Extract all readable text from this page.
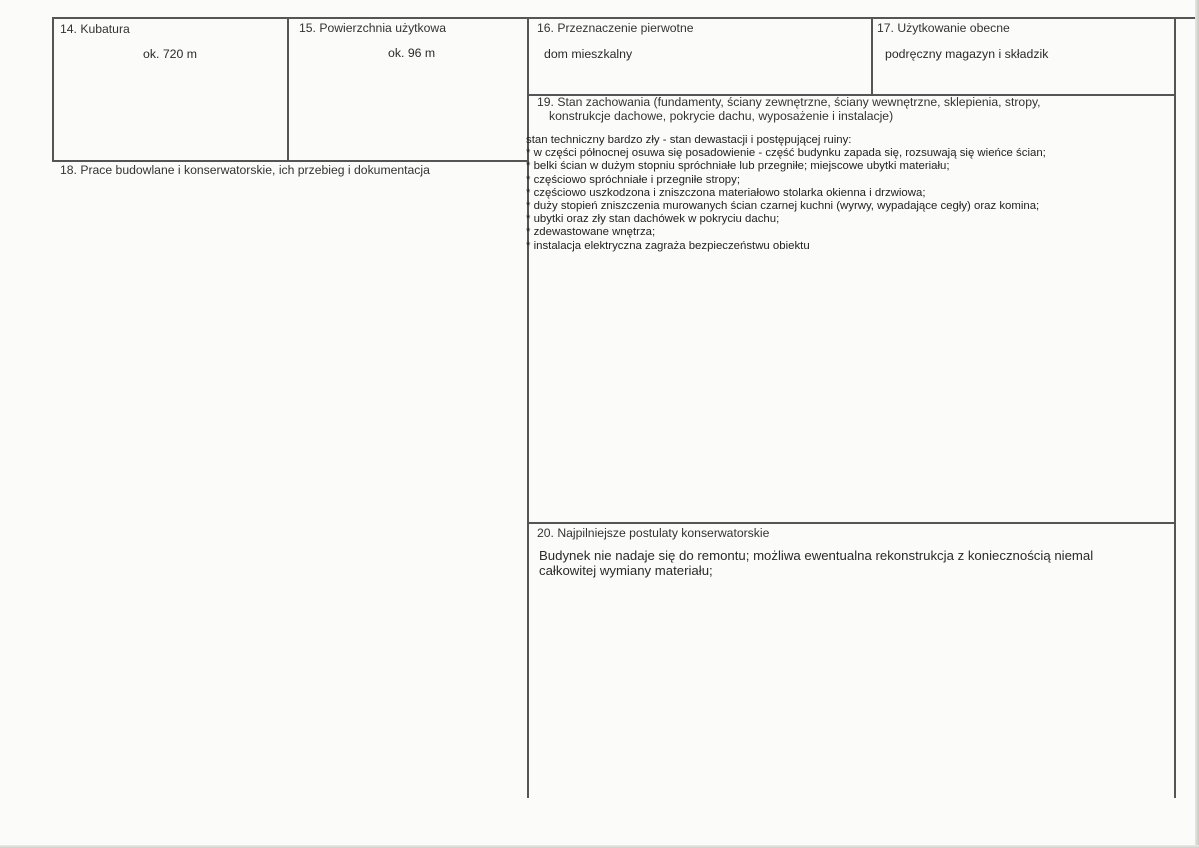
14. Kubatura
ok. 720 m
15. Powierzchnia użytkowa
ok. 96 m
16. Przeznaczenie pierwotne
dom mieszkalny
17. Użytkowanie obecne
podręczny magazyn i składzik
18. Prace budowlane i konserwatorskie, ich przebieg i dokumentacja
19. Stan zachowania (fundamenty, ściany zewnętrzne, ściany wewnętrzne, sklepienia, stropy,
konstrukcje dachowe, pokrycie dachu, wyposażenie i instalacje)
stan techniczny bardzo zły - stan dewastacji i postępującej ruiny:
* w części północnej osuwa się posadowienie - część budynku zapada się, rozsuwają się wieńce ścian;
* belki ścian w dużym stopniu spróchniałe lub przegniłe; miejscowe ubytki materiału;
* częściowo spróchniałe i przegniłe stropy;
* częściowo uszkodzona i zniszczona materiałowo stolarka okienna i drzwiowa;
* duży stopień zniszczenia murowanych ścian czarnej kuchni (wyrwy, wypadające cegły) oraz komina;
* ubytki oraz zły stan dachówek w pokryciu dachu;
* zdewastowane wnętrza;
* instalacja elektryczna zagraża bezpieczeństwu obiektu
20. Najpilniejsze postulaty konserwatorskie
Budynek nie nadaje się do remontu; możliwa ewentualna rekonstrukcja z koniecznością niemal
całkowitej wymiany materiału;
